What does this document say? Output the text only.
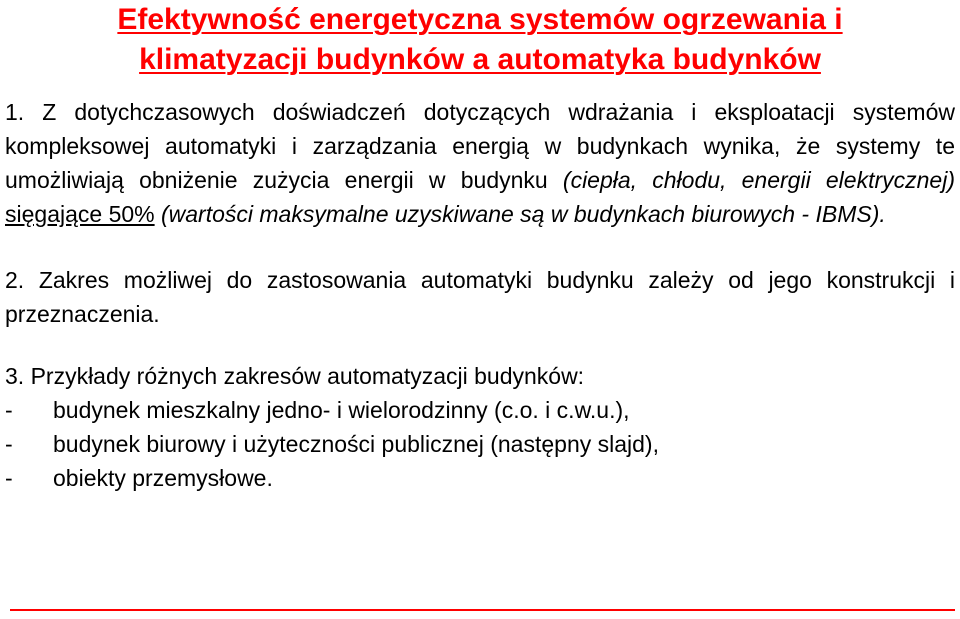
Efektywność energetyczna systemów ogrzewania i
klimatyzacji budynków a automatyka budynków

1. Z dotychczasowych doświadczeń dotyczących wdrażania i eksploatacji systemów kompleksowej automatyki i zarządzania energią w budynkach wynika, że systemy te umożliwiają obniżenie zużycia energii w budynku (ciepła, chłodu, energii elektrycznej) sięgające 50% (wartości maksymalne uzyskiwane są w budynkach biurowych - IBMS).

2. Zakres możliwej do zastosowania automatyki budynku zależy od jego konstrukcji i przeznaczenia.

3. Przykłady różnych zakresów automatyzacji budynków:

-	budynek mieszkalny jedno- i wielorodzinny (c.o. i c.w.u.),
-	budynek biurowy i użyteczności publicznej (następny slajd),
-	obiekty przemysłowe.
